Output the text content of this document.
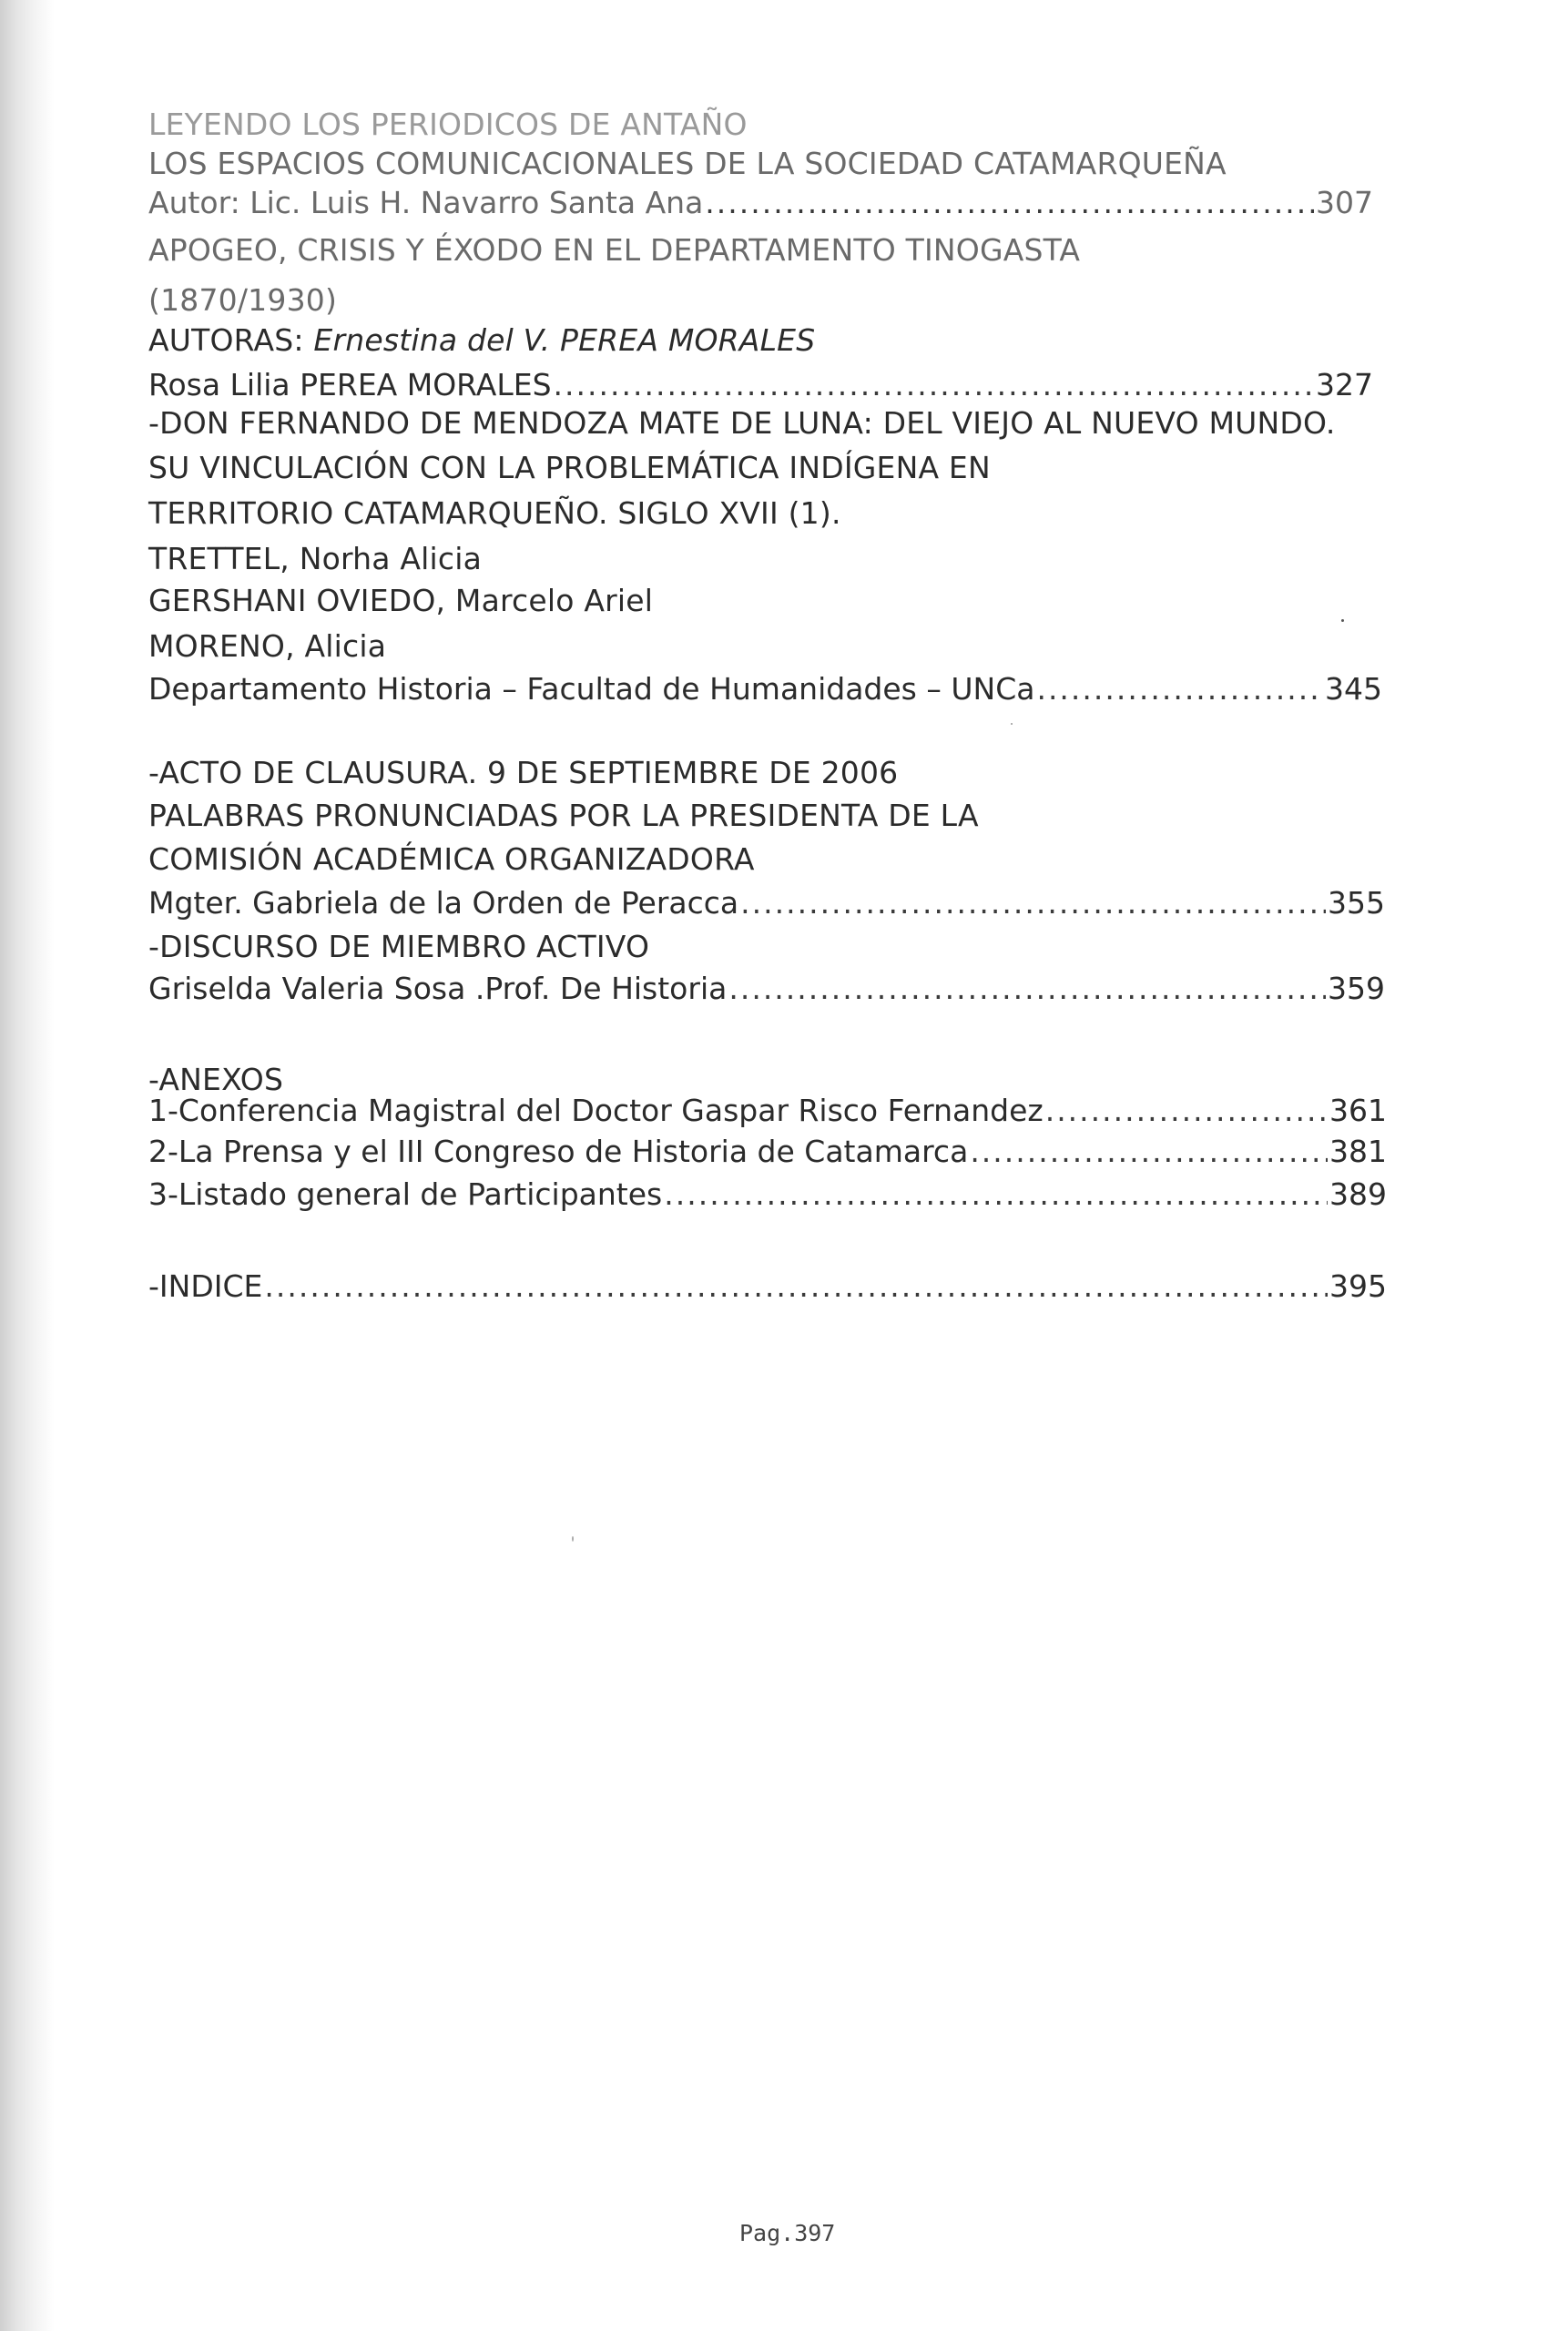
LEYENDO LOS PERIODICOS DE ANTAÑO
LOS ESPACIOS COMUNICACIONALES DE LA SOCIEDAD CATAMARQUEÑA
Autor: Lic. Luis H. Navarro Santa Ana .....	307
APOGEO, CRISIS Y ÉXODO EN EL DEPARTAMENTO TINOGASTA
(1870/1930)
AUTORAS: Ernestina del V. PEREA MORALES
Rosa Lilia PEREA MORALES .....	327
-DON FERNANDO DE MENDOZA MATE DE LUNA: DEL VIEJO AL NUEVO MUNDO.
SU VINCULACIÓN CON LA PROBLEMÁTICA INDÍGENA EN
TERRITORIO CATAMARQUEÑO. SIGLO XVII (1).
TRETTEL, Norha Alicia
GERSHANI OVIEDO, Marcelo Ariel
MORENO, Alicia
Departamento Historia – Facultad de Humanidades – UNCa .....	345
-ACTO DE CLAUSURA. 9 DE SEPTIEMBRE DE 2006
PALABRAS PRONUNCIADAS POR LA PRESIDENTA DE LA
COMISIÓN ACADÉMICA ORGANIZADORA
Mgter. Gabriela de la Orden de Peracca .....	355
-DISCURSO DE MIEMBRO ACTIVO
Griselda Valeria Sosa .Prof. De Historia .....	359
-ANEXOS
1-Conferencia Magistral del Doctor Gaspar Risco Fernandez .....	361
2-La Prensa y el III Congreso de Historia de Catamarca .....	381
3-Listado general de Participantes .....	389
-INDICE .....	395
Pag.397
